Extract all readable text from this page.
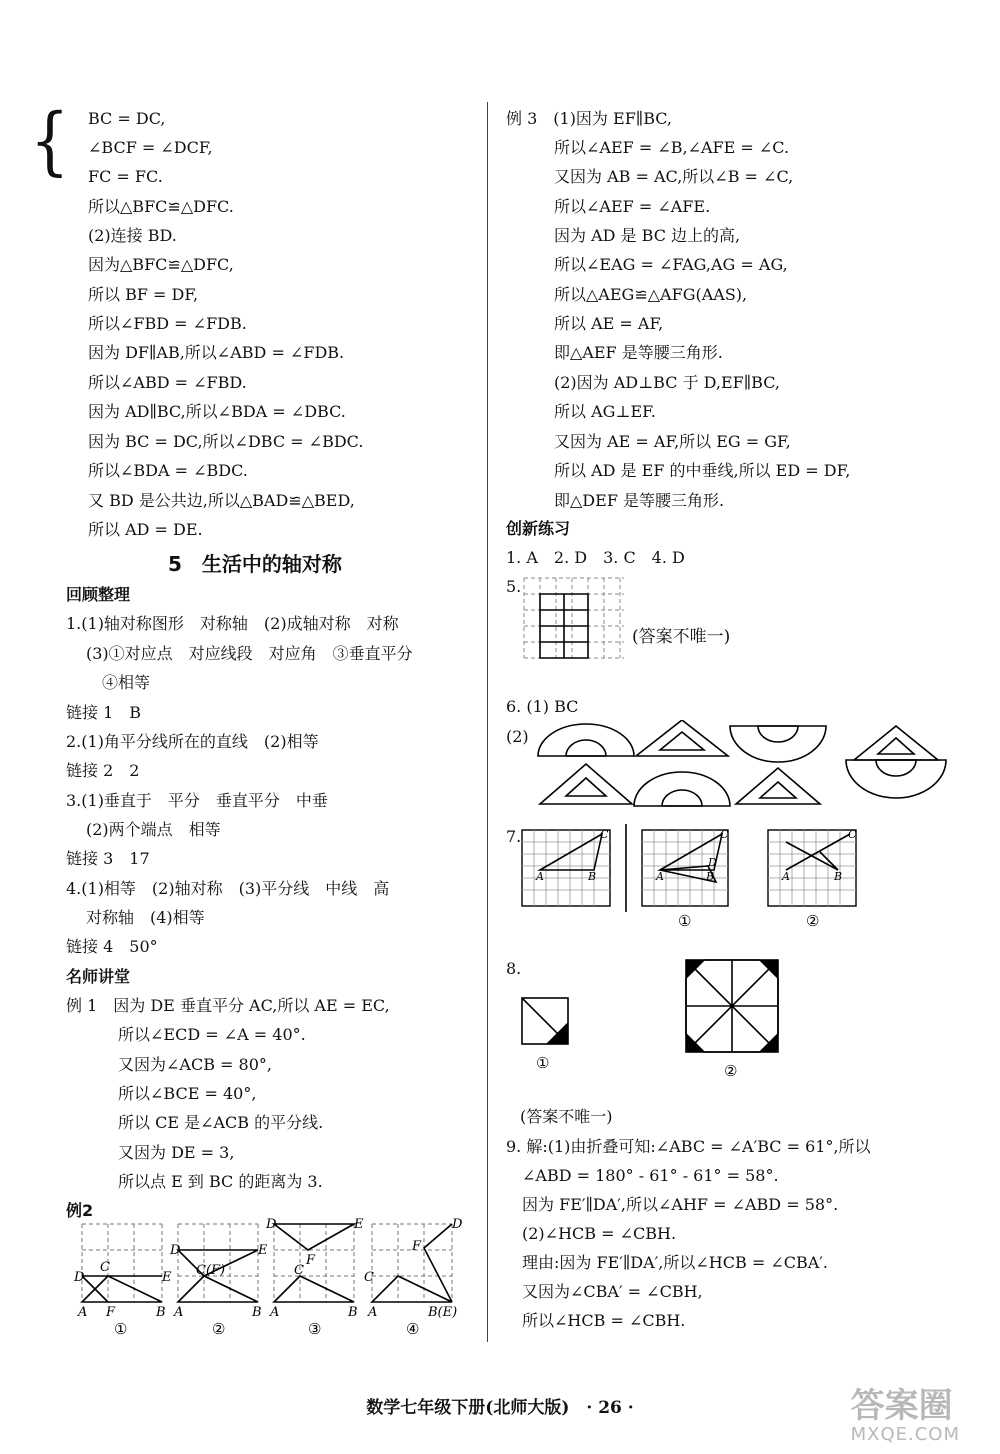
{ BC = DC,
∠BCF = ∠DCF,
FC = FC.
所以△BFC≌△DFC.
(2)连接 BD.
因为△BFC≌△DFC,
所以 BF = DF,
所以∠FBD = ∠FDB.
因为 DF∥AB,所以∠ABD = ∠FDB.
所以∠ABD = ∠FBD.
因为 AD∥BC,所以∠BDA = ∠DBC.
因为 BC = DC,所以∠DBC = ∠BDC.
所以∠BDA = ∠BDC.
又 BD 是公共边,所以△BAD≌△BED,
所以 AD = DE.
5　生活中的轴对称
回顾整理
1.(1)轴对称图形　对称轴　(2)成轴对称　对称
(3)①对应点　对应线段　对应角　③垂直平分
④相等
链接 1　B
2.(1)角平分线所在的直线　(2)相等
链接 2　2
3.(1)垂直于　平分　垂直平分　中垂
(2)两个端点　相等
链接 3　17
4.(1)相等　(2)轴对称　(3)平分线　中线　高
对称轴　(4)相等
链接 4　50°
名师讲堂
例 1　因为 DE 垂直平分 AC,所以 AE = EC,
所以∠ECD = ∠A = 40°.
又因为∠ACB = 80°,
所以∠BCE = 40°,
所以 CE 是∠ACB 的平分线.
又因为 DE = 3,
所以点 E 到 BC 的距离为 3.
例2
D
C
E
A F	B
D
C(F)
E
A	B
D
C
F
E
A	B
C
D
F
A	B(E)
①	②	③	④
例 3　(1)因为 EF∥BC,
所以∠AEF = ∠B,∠AFE = ∠C.
又因为 AB = AC,所以∠B = ∠C,
所以∠AEF = ∠AFE.
因为 AD 是 BC 边上的高,
所以∠EAG = ∠FAG,AG = AG,
所以△AEG≌△AFG(AAS),
所以 AE = AF,
即△AEF 是等腰三角形.
(2)因为 AD⊥BC 于 D,EF∥BC,
所以 AG⊥EF.
又因为 AE = AF,所以 EG = GF,
所以 AD 是 EF 的中垂线,所以 ED = DF,
即△DEF 是等腰三角形.
创新练习
1. A　2. D　3. C　4. D
5.
(答案不唯一)
6. (1) BC
(2)
7.
A	B
C
A	B
C
D
A	B
C
①	②
8.
①	②
(答案不唯一)
9. 解:(1)由折叠可知:∠ABC = ∠A′BC = 61°,所以
∠ABD = 180° - 61° - 61° = 58°.
因为 FE′∥DA′,所以∠AHF = ∠ABD = 58°.
(2)∠HCB = ∠CBH.
理由:因为 FE′∥DA′,所以∠HCB = ∠CBA′.
又因为∠CBA′ = ∠CBH,
所以∠HCB = ∠CBH.
数学七年级下册(北师大版)　· 26 ·	答案圈
MXQE.COM
